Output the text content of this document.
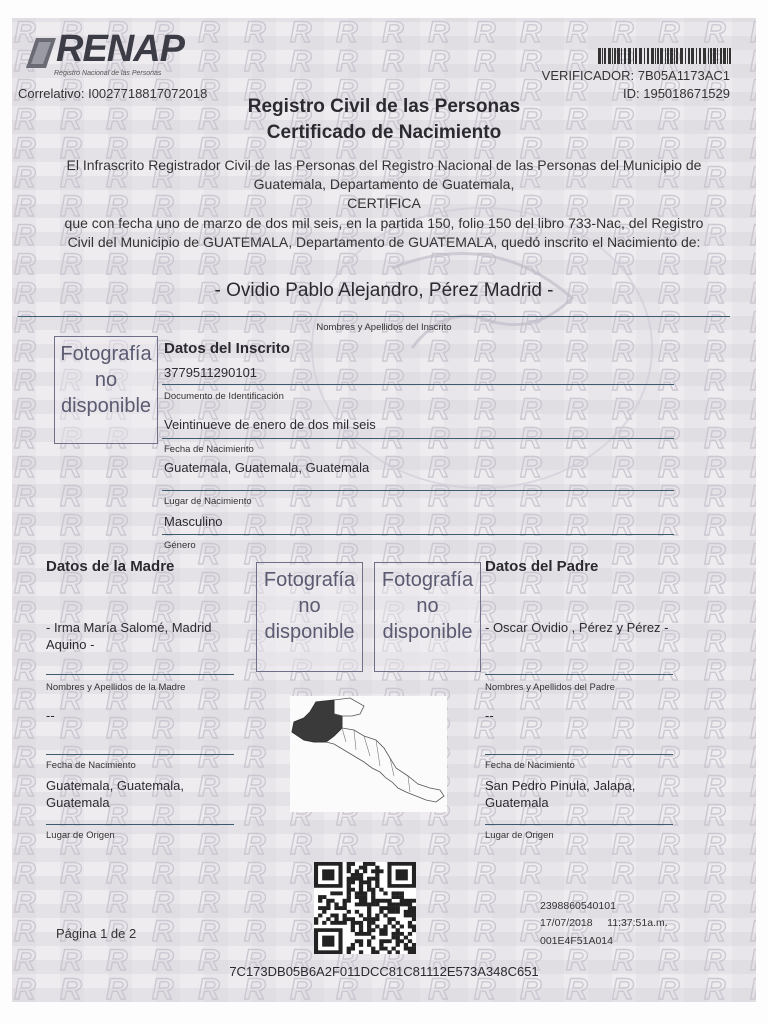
RENAP
Registro Nacional de las Personas	VERIFICADOR: 7B05A1173AC1
ID: 195018671529
Correlativo: I0027718817072018
Registro Civil de las Personas
Certificado de Nacimiento
El Infrascrito Registrador Civil de las Personas del Registro Nacional de las Personas del Municipio de Guatemala, Departamento de Guatemala,
CERTIFICA
que con fecha uno de marzo de dos mil seis, en la partida 150, folio 150 del libro 733-Nac, del Registro Civil del Municipio de GUATEMALA, Departamento de GUATEMALA, quedó inscrito el Nacimiento de:
- Ovidio Pablo Alejandro, Pérez Madrid -
Nombres y Apellidos del Inscrito
Fotografía
no
disponible
Datos del Inscrito
3779511290101
Documento de Identificación
Veintinueve de enero de dos mil seis
Fecha de Nacimiento
Guatemala, Guatemala, Guatemala
Lugar de Nacimiento
Masculino
Género
Datos de la Madre
- Irma María Salomé, Madrid
Aquino -
Nombres y Apellidos de la Madre
--
Fecha de Nacimiento
Guatemala, Guatemala,
Guatemala
Lugar de Origen
Fotografía
no
disponible
Fotografía
no
disponible
Datos del Padre
- Oscar Ovidio , Pérez y Pérez -
Nombres y Apellidos del Padre
--
Fecha de Nacimiento
San Pedro Pinula, Jalapa,
Guatemala
Lugar de Origen
Página 1 de 2
2398860540101
17/07/2018     11:37:51a.m.
001E4F51A014
7C173DB05B6A2F011DCC81C81112E573A348C651
